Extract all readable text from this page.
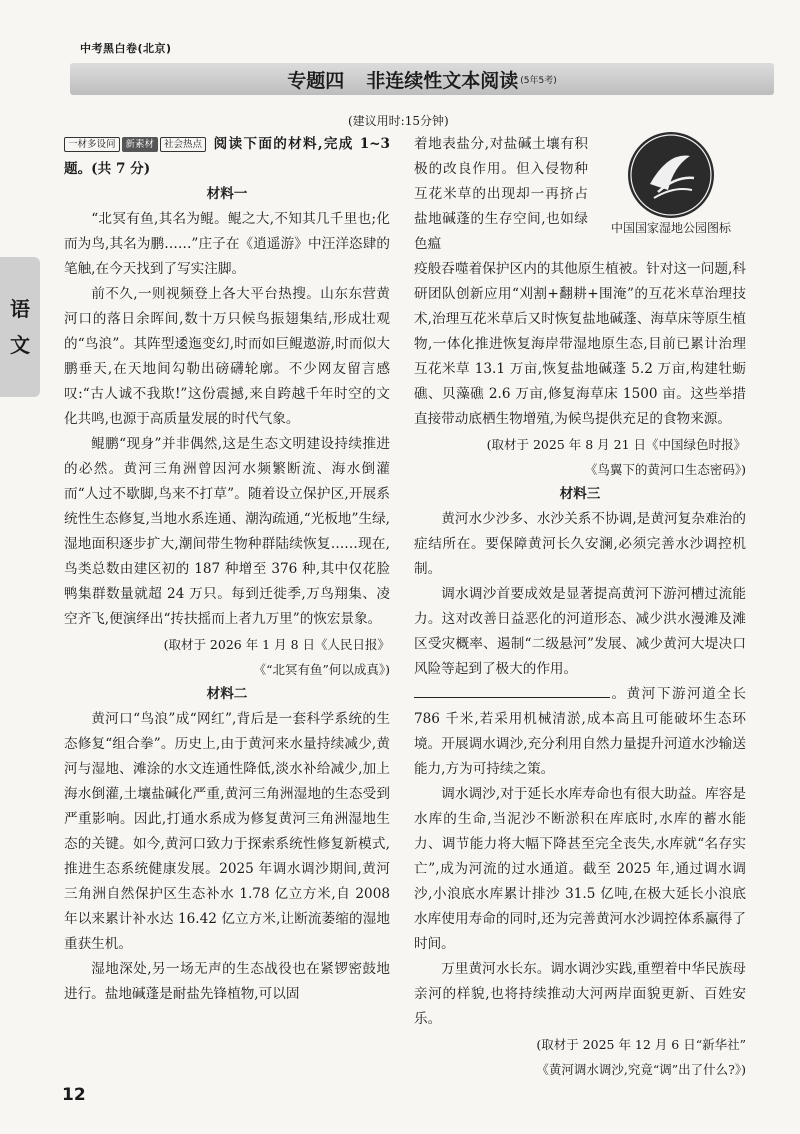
中考黑白卷(北京)
专题四 非连续性文本阅读 (5年5考)
语
文
(建议用时:15分钟)

一材多设问 新素材 社会热点 阅读下面的材料,完成 1~3 题。(共 7 分)

材料一

“北冥有鱼,其名为鲲。鲲之大,不知其几千里也;化而为鸟,其名为鹏……”庄子在《逍遥游》中汪洋恣肆的笔触,在今天找到了写实注脚。

前不久,一则视频登上各大平台热搜。山东东营黄河口的落日余晖间,数十万只候鸟振翅集结,形成壮观的“鸟浪”。其阵型逶迤变幻,时而如巨鲲遨游,时而似大鹏垂天,在天地间勾勒出磅礴轮廓。不少网友留言感叹:“古人诚不我欺!”这份震撼,来自跨越千年时空的文化共鸣,也源于高质量发展的时代气象。

鲲鹏“现身”并非偶然,这是生态文明建设持续推进的必然。黄河三角洲曾因河水频繁断流、海水倒灌而“人过不歇脚,鸟来不打草”。随着设立保护区,开展系统性生态修复,当地水系连通、潮沟疏通,“光板地”生绿,湿地面积逐步扩大,潮间带生物种群陆续恢复……现在,鸟类总数由建区初的 187 种增至 376 种,其中仅花脸鸭集群数量就超 24 万只。每到迁徙季,万鸟翔集、凌空齐飞,便演绎出“抟扶摇而上者九万里”的恢宏景象。

(取材于 2026 年 1 月 8 日《人民日报》

《“北冥有鱼”何以成真》)

材料二

黄河口“鸟浪”成“网红”,背后是一套科学系统的生态修复“组合拳”。历史上,由于黄河来水量持续减少,黄河与湿地、滩涂的水文连通性降低,淡水补给减少,加上海水倒灌,土壤盐碱化严重,黄河三角洲湿地的生态受到严重影响。因此,打通水系成为修复黄河三角洲湿地生态的关键。如今,黄河口致力于探索系统性修复新模式,推进生态系统健康发展。2025 年调水调沙期间,黄河三角洲自然保护区生态补水 1.78 亿立方米,自 2008 年以来累计补水达 16.42 亿立方米,让断流萎缩的湿地重获生机。

湿地深处,另一场无声的生态战役也在紧锣密鼓地进行。盐地碱蓬是耐盐先锋植物,可以固

中国国家湿地公园图标

着地表盐分,对盐碱土壤有积极的改良作用。但入侵物种互花米草的出现却一再挤占盐地碱蓬的生存空间,也如绿色瘟

疫般吞噬着保护区内的其他原生植被。针对这一问题,科研团队创新应用“刈割+翻耕+围淹”的互花米草治理技术,治理互花米草后又时恢复盐地碱蓬、海草床等原生植物,一体化推进恢复海岸带湿地原生态,目前已累计治理互花米草 13.1 万亩,恢复盐地碱蓬 5.2 万亩,构建牡蛎礁、贝藻礁 2.6 万亩,修复海草床 1500 亩。这些举措直接带动底栖生物增殖,为候鸟提供充足的食物来源。

(取材于 2025 年 8 月 21 日《中国绿色时报》

《鸟翼下的黄河口生态密码》)

材料三

黄河水少沙多、水沙关系不协调,是黄河复杂难治的症结所在。要保障黄河长久安澜,必须完善水沙调控机制。

调水调沙首要成效是显著提高黄河下游河槽过流能力。这对改善日益恶化的河道形态、减少洪水漫滩及滩区受灾概率、遏制“二级悬河”发展、减少黄河大堤决口风险等起到了极大的作用。

。黄河下游河道全长 786 千米,若采用机械清淤,成本高且可能破坏生态环境。开展调水调沙,充分利用自然力量提升河道水沙输送能力,方为可持续之策。

调水调沙,对于延长水库寿命也有很大助益。库容是水库的生命,当泥沙不断淤积在库底时,水库的蓄水能力、调节能力将大幅下降甚至完全丧失,水库就“名存实亡”,成为河流的过水通道。截至 2025 年,通过调水调沙,小浪底水库累计排沙 31.5 亿吨,在极大延长小浪底水库使用寿命的同时,还为完善黄河水沙调控体系赢得了时间。

万里黄河水长东。调水调沙实践,重塑着中华民族母亲河的样貌,也将持续推动大河两岸面貌更新、百姓安乐。

(取材于 2025 年 12 月 6 日“新华社”

《黄河调水调沙,究竟“调”出了什么?》)

12
